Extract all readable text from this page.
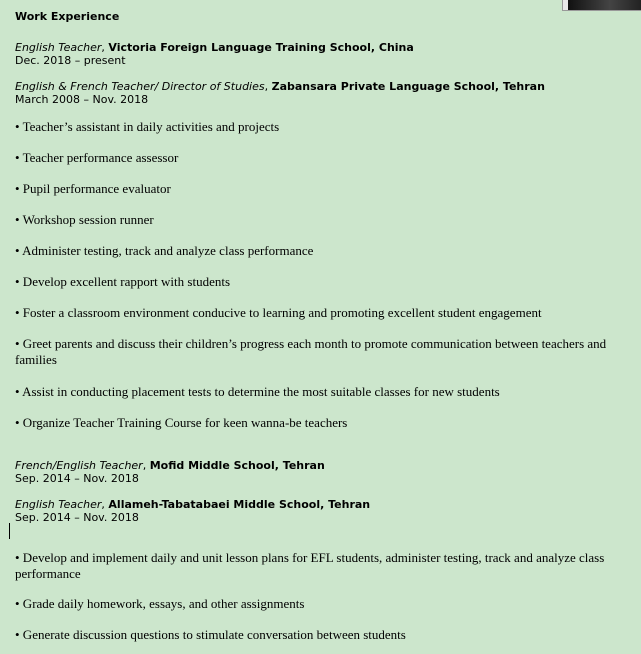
Work Experience
English Teacher, Victoria Foreign Language Training School, China
Dec. 2018 – present
English & French Teacher/ Director of Studies, Zabansara Private Language School, Tehran
March 2008 – Nov. 2018
• Teacher’s assistant in daily activities and projects
• Teacher performance assessor
• Pupil performance evaluator
• Workshop session runner
• Administer testing, track and analyze class performance
• Develop excellent rapport with students
• Foster a classroom environment conducive to learning and promoting excellent student engagement
• Greet parents and discuss their children’s progress each month to promote communication between teachers and families
• Assist in conducting placement tests to determine the most suitable classes for new students
• Organize Teacher Training Course for keen wanna-be teachers
French/English Teacher, Mofid Middle School, Tehran
Sep. 2014 – Nov. 2018
English Teacher, Allameh-Tabatabaei Middle School, Tehran
Sep. 2014 – Nov. 2018
• Develop and implement daily and unit lesson plans for EFL students, administer testing, track and analyze class performance
• Grade daily homework, essays, and other assignments
• Generate discussion questions to stimulate conversation between students
